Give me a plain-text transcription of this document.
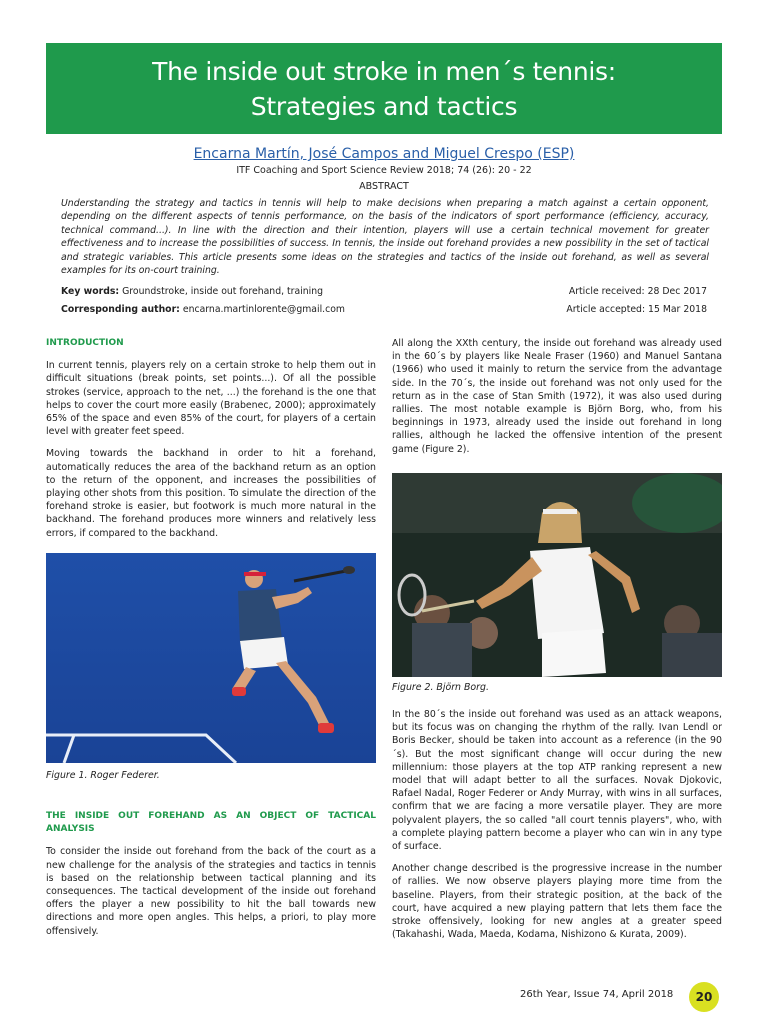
The inside out stroke in men´s tennis:
Strategies and tactics
Encarna Martín, José Campos and Miguel Crespo (ESP)
ITF Coaching and Sport Science Review 2018; 74 (26): 20 - 22
ABSTRACT

Understanding the strategy and tactics in tennis will help to make decisions when preparing a match against a certain opponent, depending on the different aspects of tennis performance, on the basis of the indicators of sport performance (efficiency, accuracy, technical command...). In line with the direction and their intention, players will use a certain technical movement for greater effectiveness and to increase the possibilities of success. In tennis, the inside out forehand provides a new possibility in the set of tactical and strategic variables. This article presents some ideas on the strategies and tactics of the inside out forehand, as well as several examples for its on-court training.

Key words: Groundstroke, inside out forehand, training	Article received: 28 Dec 2017
Corresponding author: encarna.martinlorente@gmail.com	Article accepted: 15 Mar 2018
INTRODUCTION

In current tennis, players rely on a certain stroke to help them out in difficult situations (break points, set points...). Of all the possible strokes (service, approach to the net, ...) the forehand is the one that helps to cover the court more easily (Brabenec, 2000); approximately 65% of the space and even 85% of the court, for players of a certain level with greater feet speed.

Moving towards the backhand in order to hit a forehand, automatically reduces the area of the backhand return as an option to the return of the opponent, and increases the possibilities of playing other shots from this position. To simulate the direction of the forehand stroke is easier, but footwork is much more natural in the backhand. The forehand produces more winners and relatively less errors, if compared to the backhand.

Figure 1. Roger Federer.
THE INSIDE OUT FOREHAND AS AN OBJECT OF TACTICAL ANALYSIS

To consider the inside out forehand from the back of the court as a new challenge for the analysis of the strategies and tactics in tennis is based on the relationship between tactical planning and its consequences. The tactical development of the inside out forehand offers the player a new possibility to hit the ball towards new directions and more open angles. This helps, a priori, to play more offensively.

All along the XXth century, the inside out forehand was already used in the 60´s by players like Neale Fraser (1960) and Manuel Santana (1966) who used it mainly to return the service from the advantage side. In the 70´s, the inside out forehand was not only used for the return as in the case of Stan Smith (1972), it was also used during rallies. The most notable example is Björn Borg, who, from his beginnings in 1973, already used the inside out forehand in long rallies, although he lacked the offensive intention of the present game (Figure 2).

Figure 2. Björn Borg.

In the 80´s the inside out forehand was used as an attack weapons, but its focus was on changing the rhythm of the rally. Ivan Lendl or Boris Becker, should be taken into account as a reference (in the 90´s). But the most significant change will occur during the new millennium: those players at the top ATP ranking represent a new model that will adapt better to all the surfaces. Novak Djokovic, Rafael Nadal, Roger Federer or Andy Murray, with wins in all surfaces, confirm that we are facing a more versatile player. They are more polyvalent players, the so called "all court tennis players", who, with a complete playing pattern become a player who can win in any type of surface.

Another change described is the progressive increase in the number of rallies. We now observe players playing more time from the baseline. Players, from their strategic position, at the back of the court, have acquired a new playing pattern that lets them face the stroke offensively, looking for new angles at a greater speed (Takahashi, Wada, Maeda, Kodama, Nishizono & Kurata, 2009).

26th Year, Issue 74, April 2018	20
